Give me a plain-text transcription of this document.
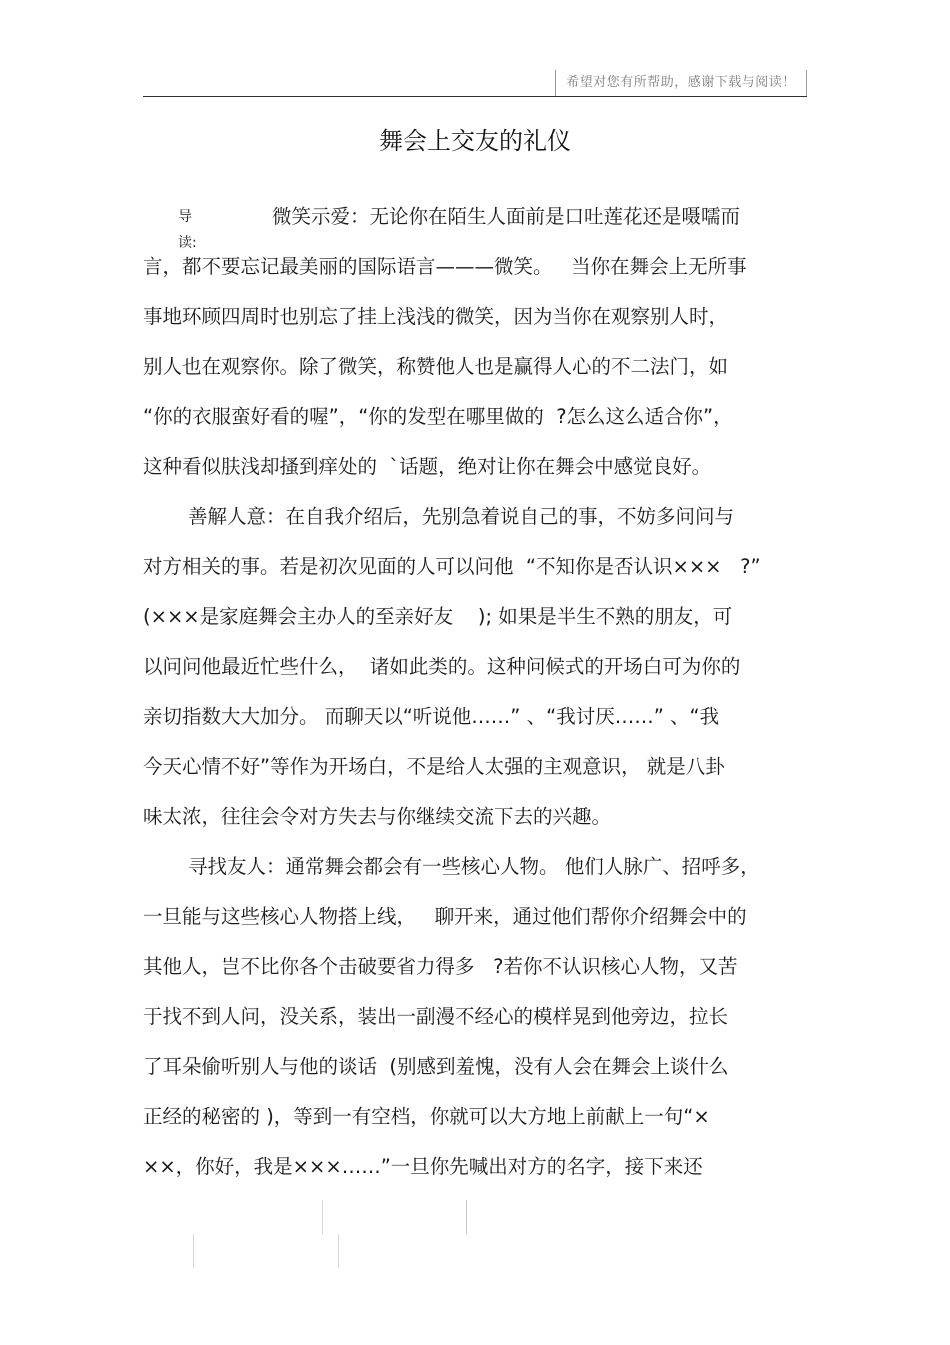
希望对您有所帮助，感谢下载与阅读！
舞会上交友的礼仪
导读:
微笑示爱：无论你在陌生人面前是口吐莲花还是嗫嚅而
言，都不要忘记最美丽的国际语言———微笑。   当你在舞会上无所事
事地环顾四周时也别忘了挂上浅浅的微笑，因为当你在观察别人时，
别人也在观察你。除了微笑，称赞他人也是赢得人心的不二法门，如
“你的衣服蛮好看的喔”，“你的发型在哪里做的  ?怎么这么适合你”，
这种看似肤浅却搔到痒处的  `话题，绝对让你在舞会中感觉良好。
善解人意：在自我介绍后，先别急着说自己的事，不妨多问问与
对方相关的事。若是初次见面的人可以问他  “不知你是否认识×××   ?”
(×××是家庭舞会主办人的至亲好友    ); 如果是半生不熟的朋友，可
以问问他最近忙些什么，  诸如此类的。这种问候式的开场白可为你的
亲切指数大大加分。 而聊天以“听说他……” 、“我讨厌……” 、“我
今天心情不好”等作为开场白，不是给人太强的主观意识， 就是八卦
味太浓，往往会令对方失去与你继续交流下去的兴趣。
寻找友人：通常舞会都会有一些核心人物。 他们人脉广、招呼多，
一旦能与这些核心人物搭上线，   聊开来，通过他们帮你介绍舞会中的
其他人，岂不比你各个击破要省力得多   ?若你不认识核心人物，又苦
于找不到人问，没关系，装出一副漫不经心的模样晃到他旁边，拉长
了耳朵偷听别人与他的谈话  (别感到羞愧，没有人会在舞会上谈什么
正经的秘密的 )，等到一有空档，你就可以大方地上前献上一句“×
××，你好，我是×××……”一旦你先喊出对方的名字，接下来还
